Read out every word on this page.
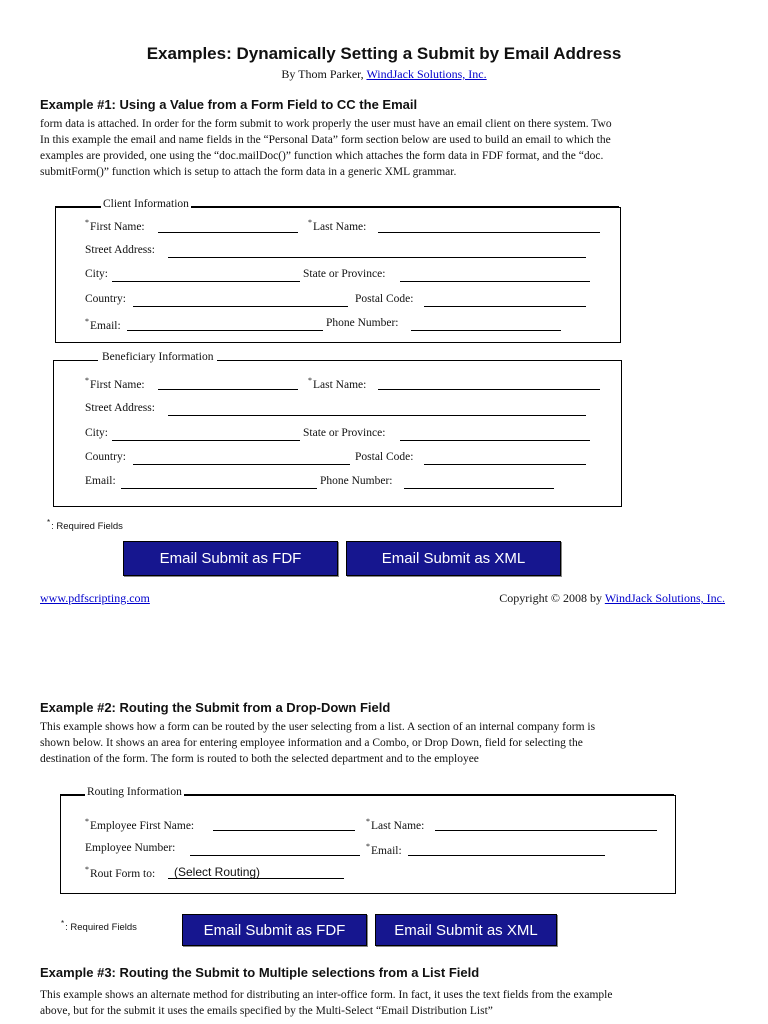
Examples: Dynamically Setting a Submit by Email Address
By Thom Parker, WindJack Solutions, Inc.
Example #1: Using a Value from a Form Field to CC the Email
form data is attached. In order for the form submit to work properly the user must have an email client on there system. Two
In this example the email and name fields in the “Personal Data” form section below are used to build an email to which the
examples are provided, one using the “doc.mailDoc()” function which attaches the form data in FDF format, and the “doc.
submitForm()” function which is setup to attach the form data in a generic XML grammar.
Client Information
*First Name:	*Last Name:
Street Address:
City:	State or Province:
Country:	Postal Code:
*Email:	Phone Number:
Beneficiary Information
*First Name:	*Last Name:
Street Address:
City:	State or Province:
Country:	Postal Code:
Email:	Phone Number:
*: Required Fields
Email Submit as FDF	Email Submit as XML
www.pdfscripting.com	Copyright © 2008 by WindJack Solutions, Inc.
Example #2: Routing the Submit from a Drop-Down Field
This example shows how a form can be routed by the user selecting from a list. A section of an internal company form is
shown below. It shows an area for entering employee information and a Combo, or Drop Down, field for selecting the
destination of the form. The form is routed to both the selected department and to the employee
Routing Information
*Employee First Name:	*Last Name:
Employee Number:	*Email:
*Rout Form to:	(Select Routing)
*: Required Fields	Email Submit as FDF	Email Submit as XML
Example #3: Routing the Submit to Multiple selections from a List Field
This example shows an alternate method for distributing an inter-office form. In fact, it uses the text fields from the example
above, but for the submit it uses the emails specified by the Multi-Select “Email Distribution List”
